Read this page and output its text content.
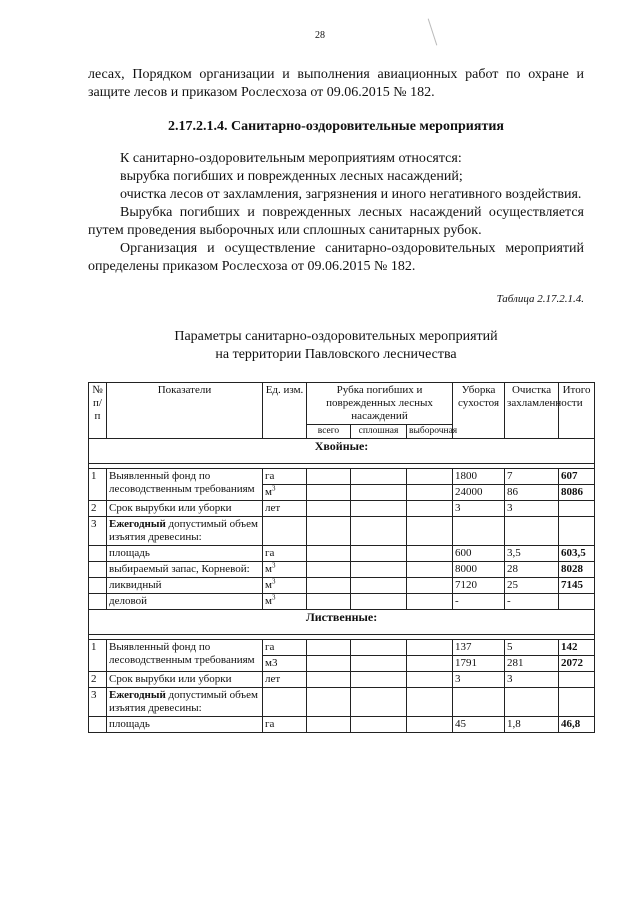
28

лесах, Порядком организации и выполнения авиационных работ по охране и защите лесов и приказом Рослесхоза от 09.06.2015 № 182.

2.17.2.1.4. Санитарно-оздоровительные мероприятия

К санитарно-оздоровительным мероприятиям относятся:

вырубка погибших и поврежденных лесных насаждений;

очистка лесов от захламления, загрязнения и иного негативного воздействия.

Вырубка погибших и поврежденных лесных насаждений осуществляется путем проведения выборочных или сплошных санитарных рубок.

Организация и осуществление санитарно-оздоровительных мероприятий определены приказом Рослесхоза от 09.06.2015 № 182.

Таблица 2.17.2.1.4.

Параметры санитарно-оздоровительных мероприятий
на территории Павловского лесничества
№ п/п	Показатели	Ед. изм.	Рубка погибших и поврежденных лесных насаждений			Уборка сухостоя	Очистка захламленности	Итого
			всего	сплошная	выборочная			
Хвойные:								

1	Выявленный фонд по лесоводственным требованиям	га				1800	7	607
		$м^3$				24000	86	8086
2	Срок вырубки или уборки	лет				3	3	
3	Ежегодный допустимый объем изъятия древесины:							
	площадь	га				600	3,5	603,5
	выбираемый запас, Корневой:	$м^3$				8000	28	8028
	ликвидный	$м^3$				7120	25	7145
	деловой	$м^3$				-	-	
Лиственные:								

1	Выявленный фонд по лесоводственным требованиям	га				137	5	142
		м3				1791	281	2072
2	Срок вырубки или уборки	лет				3	3	
3	Ежегодный допустимый объем изъятия древесины:							
	площадь	га				45	1,8	46,8
